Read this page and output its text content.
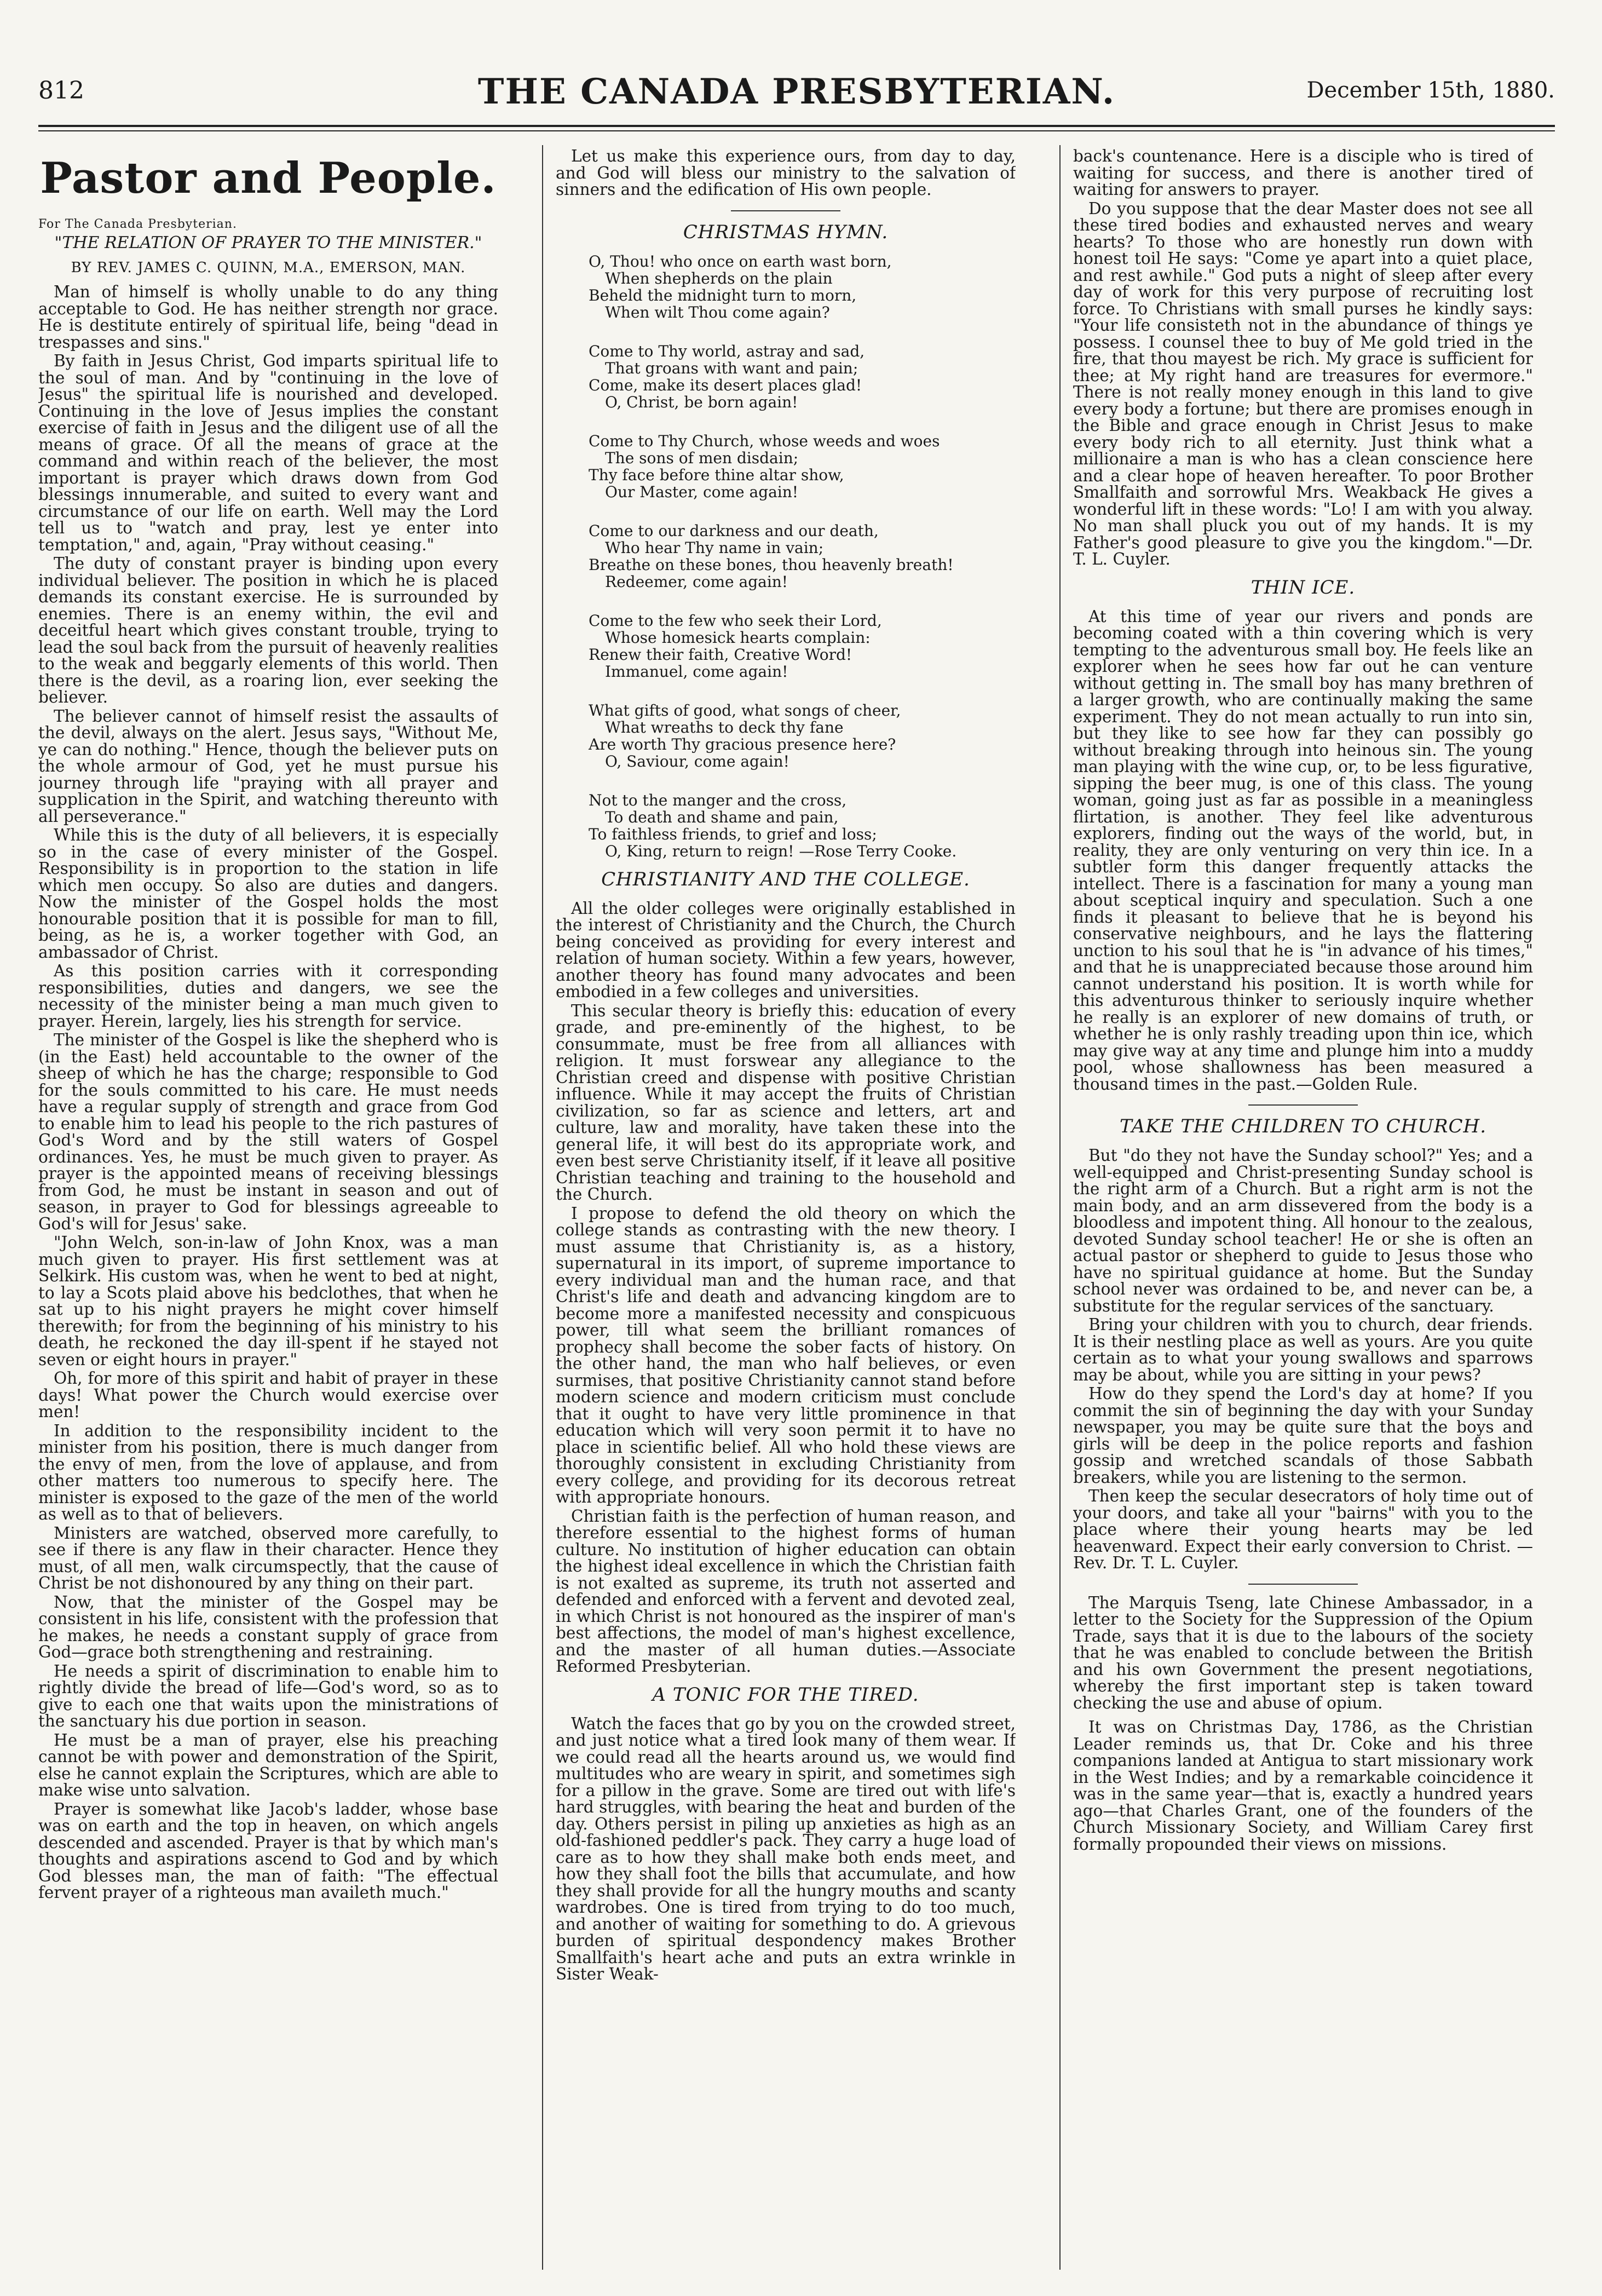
812	THE CANADA PRESBYTERIAN.	December 15th, 1880.
Pastor and People.
For The Canada Presbyterian.
"THE RELATION OF PRAYER TO THE MINISTER."
BY REV. JAMES C. QUINN, M.A., EMERSON, MAN.

Man of himself is wholly unable to do any thing acceptable to God. He has neither strength nor grace. He is destitute entirely of spiritual life, being "dead in trespasses and sins."

By faith in Jesus Christ, God imparts spiritual life to the soul of man. And by "continuing in the love of Jesus" the spiritual life is nourished and developed. Continuing in the love of Jesus implies the constant exercise of faith in Jesus and the diligent use of all the means of grace. Of all the means of grace at the command and within reach of the believer, the most important is prayer which draws down from God blessings innumerable, and suited to every want and circumstance of our life on earth. Well may the Lord tell us to "watch and pray, lest ye enter into temptation," and, again, "Pray without ceasing."

The duty of constant prayer is binding upon every individual believer. The position in which he is placed demands its constant exercise. He is surrounded by enemies. There is an enemy within, the evil and deceitful heart which gives constant trouble, trying to lead the soul back from the pursuit of heavenly realities to the weak and beggarly elements of this world. Then there is the devil, as a roaring lion, ever seeking the believer.

The believer cannot of himself resist the assaults of the devil, always on the alert. Jesus says, "Without Me, ye can do nothing." Hence, though the believer puts on the whole armour of God, yet he must pursue his journey through life "praying with all prayer and supplication in the Spirit, and watching thereunto with all perseverance."

While this is the duty of all believers, it is especially so in the case of every minister of the Gospel. Responsibility is in proportion to the station in life which men occupy. So also are duties and dangers. Now the minister of the Gospel holds the most honourable position that it is possible for man to fill, being, as he is, a worker together with God, an ambassador of Christ.

As this position carries with it corresponding responsibilities, duties and dangers, we see the necessity of the minister being a man much given to prayer. Herein, largely, lies his strength for service.

The minister of the Gospel is like the shepherd who is (in the East) held accountable to the owner of the sheep of which he has the charge; responsible to God for the souls committed to his care. He must needs have a regular supply of strength and grace from God to enable him to lead his people to the rich pastures of God's Word and by the still waters of Gospel ordinances. Yes, he must be much given to prayer. As prayer is the appointed means of receiving blessings from God, he must be instant in season and out of season, in prayer to God for blessings agreeable to God's will for Jesus' sake.

"John Welch, son-in-law of John Knox, was a man much given to prayer. His first settlement was at Selkirk. His custom was, when he went to bed at night, to lay a Scots plaid above his bedclothes, that when he sat up to his night prayers he might cover himself therewith; for from the beginning of his ministry to his death, he reckoned the day ill-spent if he stayed not seven or eight hours in prayer."

Oh, for more of this spirit and habit of prayer in these days! What power the Church would exercise over men!

In addition to the responsibility incident to the minister from his position, there is much danger from the envy of men, from the love of applause, and from other matters too numerous to specify here. The minister is exposed to the gaze of the men of the world as well as to that of believers.

Ministers are watched, observed more carefully, to see if there is any flaw in their character. Hence they must, of all men, walk circumspectly, that the cause of Christ be not dishonoured by any thing on their part.

Now, that the minister of the Gospel may be consistent in his life, consistent with the profession that he makes, he needs a constant supply of grace from God—grace both strengthening and restraining.

He needs a spirit of discrimination to enable him to rightly divide the bread of life—God's word, so as to give to each one that waits upon the ministrations of the sanctuary his due portion in season.

He must be a man of prayer, else his preaching cannot be with power and demonstration of the Spirit, else he cannot explain the Scriptures, which are able to make wise unto salvation.

Prayer is somewhat like Jacob's ladder, whose base was on earth and the top in heaven, on which angels descended and ascended. Prayer is that by which man's thoughts and aspirations ascend to God and by which God blesses man, the man of faith: "The effectual fervent prayer of a righteous man availeth much."

Let us make this experience ours, from day to day, and God will bless our ministry to the salvation of sinners and the edification of His own people.

CHRISTMAS HYMN.
O, Thou! who once on earth wast born,
When shepherds on the plain
Beheld the midnight turn to morn,
When wilt Thou come again?
Come to Thy world, astray and sad,
That groans with want and pain;
Come, make its desert places glad!
O, Christ, be born again!
Come to Thy Church, whose weeds and woes
The sons of men disdain;
Thy face before thine altar show,
Our Master, come again!
Come to our darkness and our death,
Who hear Thy name in vain;
Breathe on these bones, thou heavenly breath!
Redeemer, come again!
Come to the few who seek their Lord,
Whose homesick hearts complain:
Renew their faith, Creative Word!
Immanuel, come again!
What gifts of good, what songs of cheer,
What wreaths to deck thy fane
Are worth Thy gracious presence here?
O, Saviour, come again!
Not to the manger and the cross,
To death and shame and pain,
To faithless friends, to grief and loss;
O, King, return to reign! —Rose Terry Cooke.
CHRISTIANITY AND THE COLLEGE.

All the older colleges were originally established in the interest of Christianity and the Church, the Church being conceived as providing for every interest and relation of human society. Within a few years, however, another theory has found many advocates and been embodied in a few colleges and universities.

This secular theory is briefly this: education of every grade, and pre-eminently of the highest, to be consummate, must be free from all alliances with religion. It must forswear any allegiance to the Christian creed and dispense with positive Christian influence. While it may accept the fruits of Christian civilization, so far as science and letters, art and culture, law and morality, have taken these into the general life, it will best do its appropriate work, and even best serve Christianity itself, if it leave all positive Christian teaching and training to the household and the Church.

I propose to defend the old theory on which the college stands as contrasting with the new theory. I must assume that Christianity is, as a history, supernatural in its import, of supreme importance to every individual man and the human race, and that Christ's life and death and advancing kingdom are to become more a manifested necessity and conspicuous power, till what seem the brilliant romances of prophecy shall become the sober facts of history. On the other hand, the man who half believes, or even surmises, that positive Christianity cannot stand before modern science and modern criticism must conclude that it ought to have very little prominence in that education which will very soon permit it to have no place in scientific belief. All who hold these views are thoroughly consistent in excluding Christianity from every college, and providing for its decorous retreat with appropriate honours.

Christian faith is the perfection of human reason, and therefore essential to the highest forms of human culture. No institution of higher education can obtain the highest ideal excellence in which the Christian faith is not exalted as supreme, its truth not asserted and defended and enforced with a fervent and devoted zeal, in which Christ is not honoured as the inspirer of man's best affections, the model of man's highest excellence, and the master of all human duties.—Associate Reformed Presbyterian.

A TONIC FOR THE TIRED.

Watch the faces that go by you on the crowded street, and just notice what a tired look many of them wear. If we could read all the hearts around us, we would find multitudes who are weary in spirit, and sometimes sigh for a pillow in the grave. Some are tired out with life's hard struggles, with bearing the heat and burden of the day. Others persist in piling up anxieties as high as an old-fashioned peddler's pack. They carry a huge load of care as to how they shall make both ends meet, and how they shall foot the bills that accumulate, and how they shall provide for all the hungry mouths and scanty wardrobes. One is tired from trying to do too much, and another of waiting for something to do. A grievous burden of spiritual despondency makes Brother Smallfaith's heart ache and puts an extra wrinkle in Sister Weak-

back's countenance. Here is a disciple who is tired of waiting for success, and there is another tired of waiting for answers to prayer.

Do you suppose that the dear Master does not see all these tired bodies and exhausted nerves and weary hearts? To those who are honestly run down with honest toil He says: "Come ye apart into a quiet place, and rest awhile." God puts a night of sleep after every day of work for this very purpose of recruiting lost force. To Christians with small purses he kindly says: "Your life consisteth not in the abundance of things ye possess. I counsel thee to buy of Me gold tried in the fire, that thou mayest be rich. My grace is sufficient for thee; at My right hand are treasures for evermore." There is not really money enough in this land to give every body a fortune; but there are promises enough in the Bible and grace enough in Christ Jesus to make every body rich to all eternity. Just think what a millionaire a man is who has a clean conscience here and a clear hope of heaven hereafter. To poor Brother Smallfaith and sorrowful Mrs. Weakback He gives a wonderful lift in these words: "Lo! I am with you alway. No man shall pluck you out of my hands. It is my Father's good pleasure to give you the kingdom."—Dr. T. L. Cuyler.

THIN ICE.

At this time of year our rivers and ponds are becoming coated with a thin covering which is very tempting to the adventurous small boy. He feels like an explorer when he sees how far out he can venture without getting in. The small boy has many brethren of a larger growth, who are continually making the same experiment. They do not mean actually to run into sin, but they like to see how far they can possibly go without breaking through into heinous sin. The young man playing with the wine cup, or, to be less figurative, sipping the beer mug, is one of this class. The young woman, going just as far as possible in a meaningless flirtation, is another. They feel like adventurous explorers, finding out the ways of the world, but, in reality, they are only venturing on very thin ice. In a subtler form this danger frequently attacks the intellect. There is a fascination for many a young man about sceptical inquiry and speculation. Such a one finds it pleasant to believe that he is beyond his conservative neighbours, and he lays the flattering unction to his soul that he is "in advance of his times," and that he is unappreciated because those around him cannot understand his position. It is worth while for this adventurous thinker to seriously inquire whether he really is an explorer of new domains of truth, or whether he is only rashly treading upon thin ice, which may give way at any time and plunge him into a muddy pool, whose shallowness has been measured a thousand times in the past.—Golden Rule.

TAKE THE CHILDREN TO CHURCH.

But "do they not have the Sunday school?" Yes; and a well-equipped and Christ-presenting Sunday school is the right arm of a Church. But a right arm is not the main body, and an arm dissevered from the body is a bloodless and impotent thing. All honour to the zealous, devoted Sunday school teacher! He or she is often an actual pastor or shepherd to guide to Jesus those who have no spiritual guidance at home. But the Sunday school never was ordained to be, and never can be, a substitute for the regular services of the sanctuary.

Bring your children with you to church, dear friends. It is their nestling place as well as yours. Are you quite certain as to what your young swallows and sparrows may be about, while you are sitting in your pews?

How do they spend the Lord's day at home? If you commit the sin of beginning the day with your Sunday newspaper, you may be quite sure that the boys and girls will be deep in the police reports and fashion gossip and wretched scandals of those Sabbath breakers, while you are listening to the sermon.

Then keep the secular desecrators of holy time out of your doors, and take all your "bairns" with you to the place where their young hearts may be led heavenward. Expect their early conversion to Christ. —Rev. Dr. T. L. Cuyler.

The Marquis Tseng, late Chinese Ambassador, in a letter to the Society for the Suppression of the Opium Trade, says that it is due to the labours of the society that he was enabled to conclude between the British and his own Government the present negotiations, whereby the first important step is taken toward checking the use and abuse of opium.

It was on Christmas Day, 1786, as the Christian Leader reminds us, that Dr. Coke and his three companions landed at Antigua to start missionary work in the West Indies; and by a remarkable coincidence it was in the same year—that is, exactly a hundred years ago—that Charles Grant, one of the founders of the Church Missionary Society, and William Carey first formally propounded their views on missions.
